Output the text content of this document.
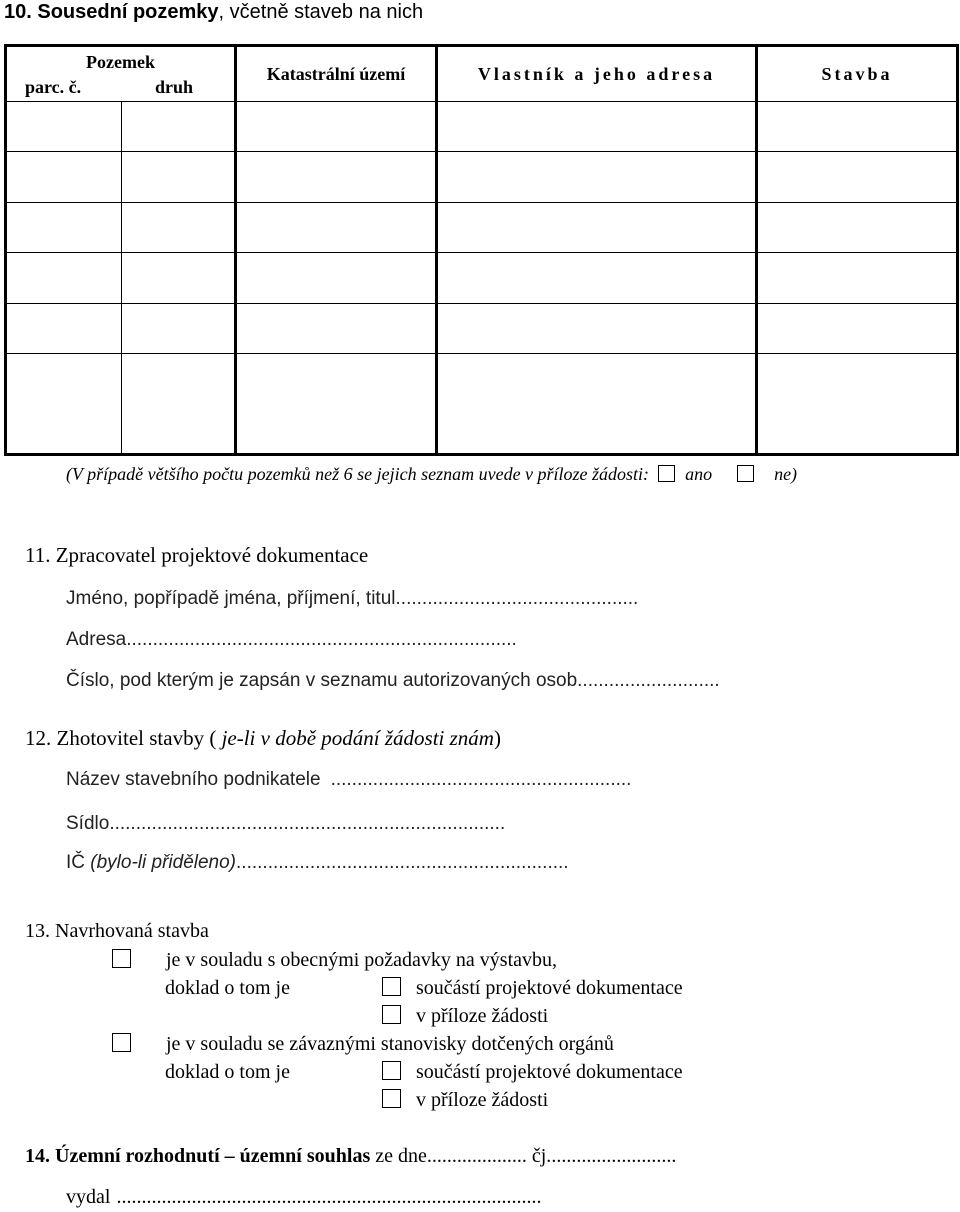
10. Sousední pozemky, včetně staveb na nich
Pozemek
parc. č. druh		Katastrální území	Vlastník a jeho adresa	Stavba

(V případě většího počtu pozemků než 6 se jejich seznam uvede v příloze žádosti: ano	ne)
11. Zpracovatel projektové dokumentace
Jméno, popřípadě jména, příjmení, titul..............................................
Adresa..........................................................................
Číslo, pod kterým je zapsán v seznamu autorizovaných osob...........................
12. Zhotovitel stavby ( je-li v době podání žádosti znám)
Název stavebního podnikatele .........................................................
Sídlo...........................................................................
IČ (bylo-li přiděleno)...............................................................
13. Navrhovaná stavba
je v souladu s obecnými požadavky na výstavbu,
doklad o tom je	součástí projektové dokumentace
v příloze žádosti
je v souladu se závaznými stanovisky dotčených orgánů
doklad o tom je	součástí projektové dokumentace
v příloze žádosti
14. Územní rozhodnutí – územní souhlas ze dne.................... čj..........................
vydal .....................................................................................
